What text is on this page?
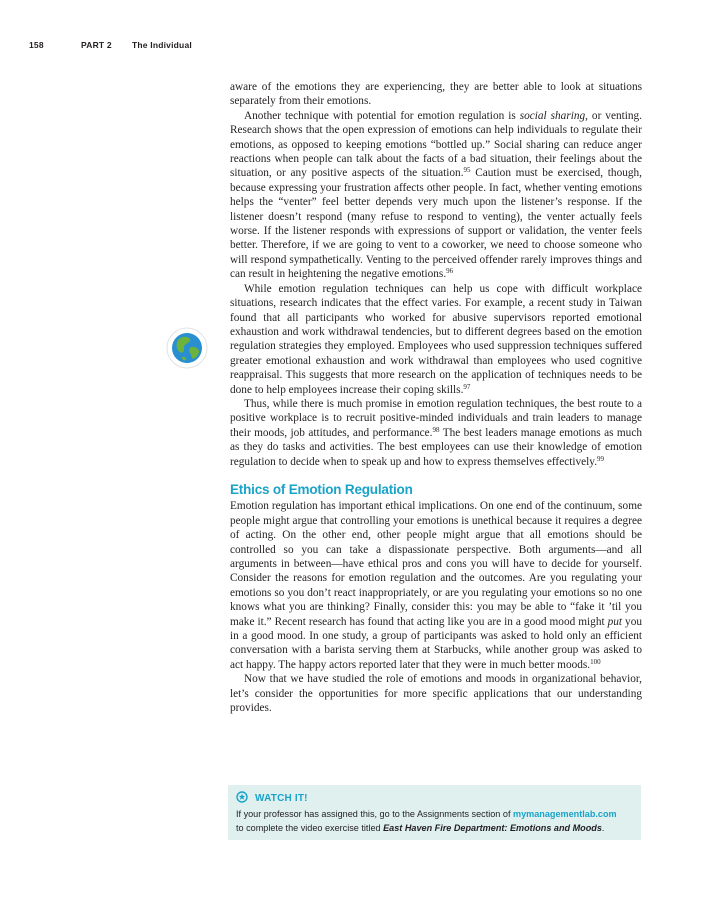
158	PART 2 The Individual

aware of the emotions they are experiencing, they are better able to look at situations separately from their emotions.

Another technique with potential for emotion regulation is social sharing, or venting. Research shows that the open expression of emotions can help individuals to regulate their emotions, as opposed to keeping emotions “bottled up.” Social sharing can reduce anger reactions when people can talk about the facts of a bad situation, their feelings about the situation, or any positive aspects of the situation.$^{95}$ Caution must be exercised, though, because expressing your frustration affects other people. In fact, whether venting emotions helps the “venter” feel better depends very much upon the listener’s response. If the listener doesn’t respond (many refuse to respond to venting), the venter actually feels worse. If the listener responds with expressions of support or validation, the venter feels better. Therefore, if we are going to vent to a coworker, we need to choose someone who will respond sympathetically. Venting to the perceived offender rarely improves things and can result in heightening the negative emotions.$^{96}$

While emotion regulation techniques can help us cope with difficult workplace situations, research indicates that the effect varies. For example, a recent study in Taiwan found that all participants who worked for abusive supervisors reported emotional exhaustion and work withdrawal tendencies, but to different degrees based on the emotion regulation strategies they employed. Employees who used suppression techniques suffered greater emotional exhaustion and work withdrawal than employees who used cognitive reappraisal. This suggests that more research on the application of techniques needs to be done to help employees increase their coping skills.$^{97}$

Thus, while there is much promise in emotion regulation techniques, the best route to a positive workplace is to recruit positive-minded individuals and train leaders to manage their moods, job attitudes, and performance.$^{98}$ The best leaders manage emotions as much as they do tasks and activities. The best employees can use their knowledge of emotion regulation to decide when to speak up and how to express themselves effectively.$^{99}$

Ethics of Emotion Regulation

Emotion regulation has important ethical implications. On one end of the continuum, some people might argue that controlling your emotions is unethical because it requires a degree of acting. On the other end, other people might argue that all emotions should be controlled so you can take a dispassionate perspective. Both arguments—and all arguments in between—have ethical pros and cons you will have to decide for yourself. Consider the reasons for emotion regulation and the outcomes. Are you regulating your emotions so you don’t react inappropriately, or are you regulating your emotions so no one knows what you are thinking? Finally, consider this: you may be able to “fake it ’til you make it.” Recent research has found that acting like you are in a good mood might put you in a good mood. In one study, a group of participants was asked to hold only an efficient conversation with a barista serving them at Starbucks, while another group was asked to act happy. The happy actors reported later that they were in much better moods.$^{100}$

Now that we have studied the role of emotions and moods in organizational behavior, let’s consider the opportunities for more specific applications that our understanding provides.

WATCH IT!
If your professor has assigned this, go to the Assignments section of mymanagementlab.com
to complete the video exercise titled East Haven Fire Department: Emotions and Moods.
